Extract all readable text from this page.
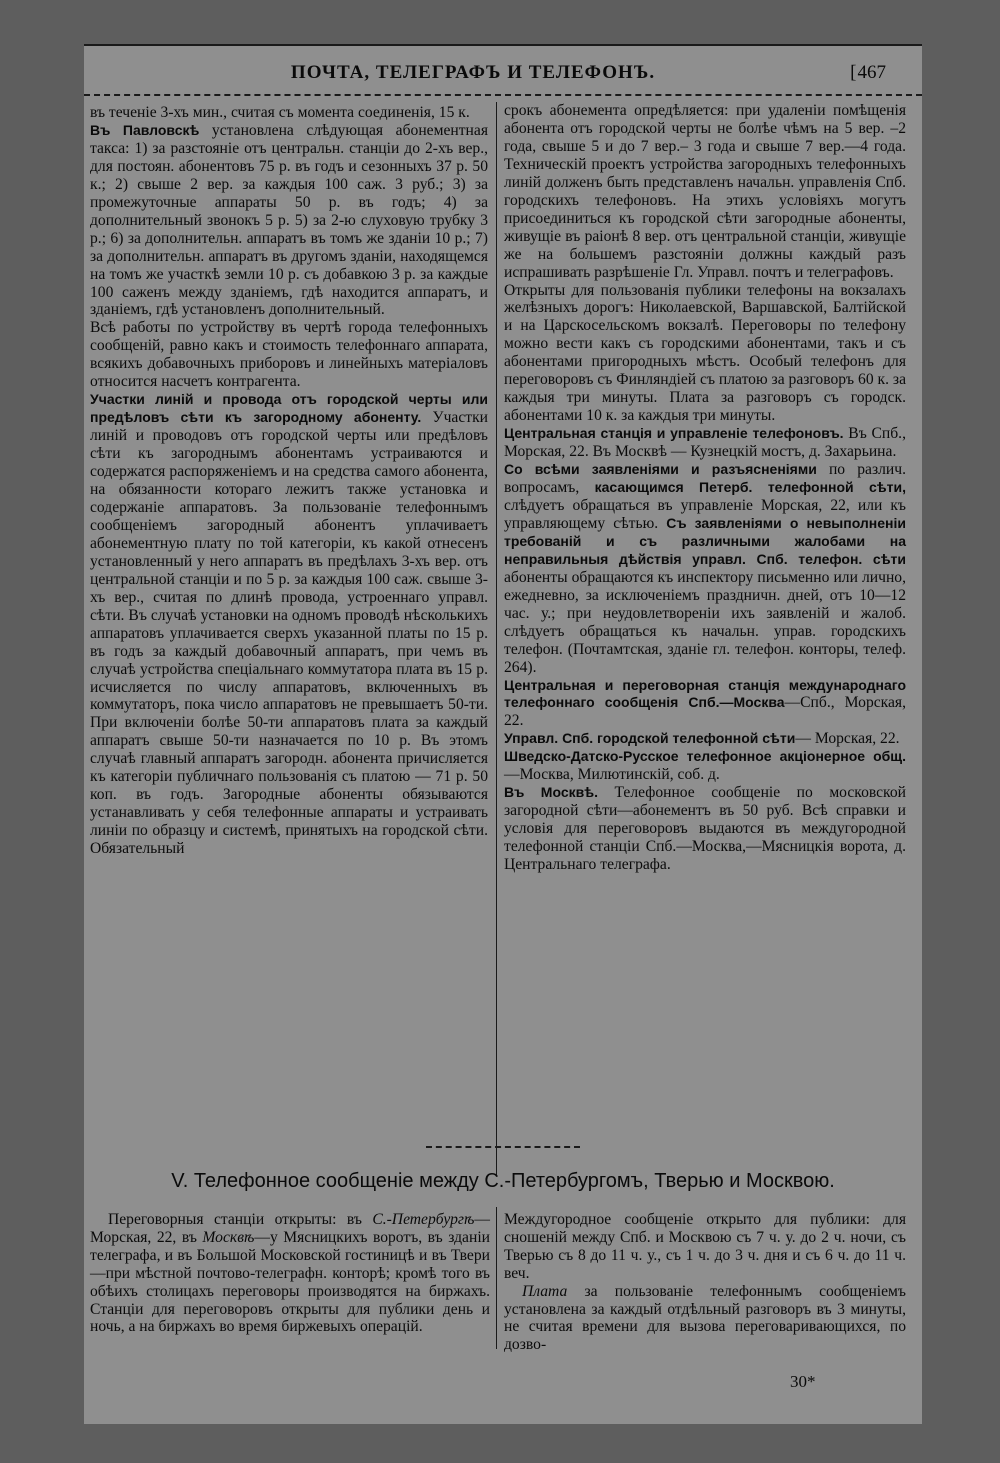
ПОЧТА, ТЕЛЕГРАФЪ И ТЕЛЕФОНЪ.
[	467

въ теченіе 3-хъ мин., считая съ момента соединенія, 15 к.

Въ Павловскѣ установлена слѣдующая абонементная такса: 1) за разстояніе отъ центральн. станціи до 2-хъ вер., для постоян. абонентовъ 75 р. въ годъ и сезонныхъ 37 р. 50 к.; 2) свыше 2 вер. за каждыя 100 саж. 3 руб.; 3) за промежуточные аппараты 50 р. въ годъ; 4) за дополнительный звонокъ 5 р. 5) за 2-ю слуховую трубку 3 р.; 6) за дополнительн. аппаратъ въ томъ же зданіи 10 р.; 7) за дополнительн. аппаратъ въ другомъ зданіи, находящемся на томъ же участкѣ земли 10 р. съ добавкою 3 р. за каждые 100 саженъ между зданіемъ, гдѣ находится аппаратъ, и зданіемъ, гдѣ установленъ дополнительный.

Всѣ работы по устройству въ чертѣ города телефонныхъ сообщеній, равно какъ и стоимость телефоннаго аппарата, всякихъ добавочныхъ приборовъ и линейныхъ матеріаловъ относится насчетъ контрагента.

Участки линій и провода отъ городской черты или предѣловъ сѣти къ загородному абоненту. Участки линій и проводовъ отъ городской черты или предѣловъ сѣти къ загороднымъ абонентамъ устраиваются и содержатся распоряженіемъ и на средства самого абонента, на обязанности котораго лежитъ также установка и содержаніе аппаратовъ. За пользованіе телефоннымъ сообщеніемъ загородный абонентъ уплачиваетъ абонементную плату по той категоріи, къ какой отнесенъ установленный у него аппаратъ въ предѣлахъ 3-хъ вер. отъ центральной станціи и по 5 р. за каждыя 100 саж. свыше 3-хъ вер., считая по длинѣ провода, устроеннаго управл. сѣти. Въ случаѣ установки на одномъ проводѣ нѣсколькихъ аппаратовъ уплачивается сверхъ указанной платы по 15 р. въ годъ за каждый добавочный аппаратъ, при чемъ въ случаѣ устройства спеціальнаго коммутатора плата въ 15 р. исчисляется по числу аппаратовъ, включенныхъ въ коммутаторъ, пока число аппаратовъ не превышаетъ 50-ти. При включеніи болѣе 50-ти аппаратовъ плата за каждый аппаратъ свыше 50-ти назначается по 10 р. Въ этомъ случаѣ главный аппаратъ загородн. абонента причисляется къ категоріи публичнаго пользованія съ платою — 71 р. 50 коп. въ годъ. Загородные абоненты обязываются устанавливать у себя телефонные аппараты и устраивать линіи по образцу и системѣ, принятыхъ на городской сѣти. Обязательный

срокъ абонемента опредѣляется: при удаленіи помѣщенія абонента отъ городской черты не болѣе чѣмъ на 5 вер. –2 года, свыше 5 и до 7 вер.– 3 года и свыше 7 вер.—4 года. Техническій проектъ устройства загородныхъ телефонныхъ линій долженъ быть представленъ начальн. управленія Спб. городскихъ телефоновъ. На этихъ условіяхъ могутъ присоединиться къ городской сѣти загородные абоненты, живущіе въ раіонѣ 8 вер. отъ центральной станціи, живущіе же на большемъ разстояніи должны каждый разъ испрашивать разрѣшеніе Гл. Управл. почтъ и телеграфовъ.

Открыты для пользованія публики телефоны на вокзалахъ желѣзныхъ дорогъ: Николаевской, Варшавской, Балтійской и на Царскосельскомъ вокзалѣ. Переговоры по телефону можно вести какъ съ городскими абонентами, такъ и съ абонентами пригородныхъ мѣстъ. Особый телефонъ для переговоровъ съ Финляндіей съ платою за разговоръ 60 к. за каждыя три минуты. Плата за разговоръ съ городск. абонентами 10 к. за каждыя три минуты.

Центральная станція и управленіе телефоновъ. Въ Спб., Морская, 22. Въ Москвѣ — Кузнецкій мостъ, д. Захарьина.

Со всѣми заявленіями и разъясненіями по различ. вопросамъ, касающимся Петерб. телефонной сѣти, слѣдуетъ обращаться въ управленіе Морская, 22, или къ управляющему сѣтью. Съ заявленіями о невыполненіи требованій и съ различными жалобами на неправильныя дѣйствія управл. Спб. телефон. сѣти абоненты обращаются къ инспектору письменно или лично, ежедневно, за исключеніемъ праздничн. дней, отъ 10—12 час. у.; при неудовлетвореніи ихъ заявленій и жалоб. слѣдуетъ обращаться къ начальн. управ. городскихъ телефон. (Почтамтская, зданіе гл. телефон. конторы, телеф. 264).

Центральная и переговорная станція международнаго телефоннаго сообщенія Спб.—Москва—Спб., Морская, 22.

Управл. Спб. городской телефонной сѣти— Морская, 22.

Шведско-Датско-Русское телефонное акціонерное общ.—Москва, Милютинскій, соб. д.

Въ Москвѣ. Телефонное сообщеніе по московской загородной сѣти—абонементъ въ 50 руб. Всѣ справки и условія для переговоровъ выдаются въ междугородной телефонной станціи Спб.—Москва,—Мясницкія ворота, д. Центральнаго телеграфа.

V. Телефонное сообщеніе между С.-Петербургомъ, Тверью и Москвою.

Переговорныя станціи открыты: въ С.-Петербургѣ—Морская, 22, въ Москвѣ—у Мясницкихъ воротъ, въ зданіи телеграфа, и въ Большой Московской гостиницѣ и въ Твери—при мѣстной почтово-телеграфн. конторѣ; кромѣ того въ обѣихъ столицахъ переговоры производятся на биржахъ. Станціи для переговоровъ открыты для публики день и ночь, а на биржахъ во время биржевыхъ операцій.

Междугородное сообщеніе открыто для публики: для сношеній между Спб. и Москвою съ 7 ч. у. до 2 ч. ночи, съ Тверью съ 8 до 11 ч. у., съ 1 ч. до 3 ч. дня и съ 6 ч. до 11 ч. веч.

Плата за пользованіе телефоннымъ сообщеніемъ установлена за каждый отдѣльный разговоръ въ 3 минуты, не считая времени для вызова переговаривающихся, по дозво-

30*
